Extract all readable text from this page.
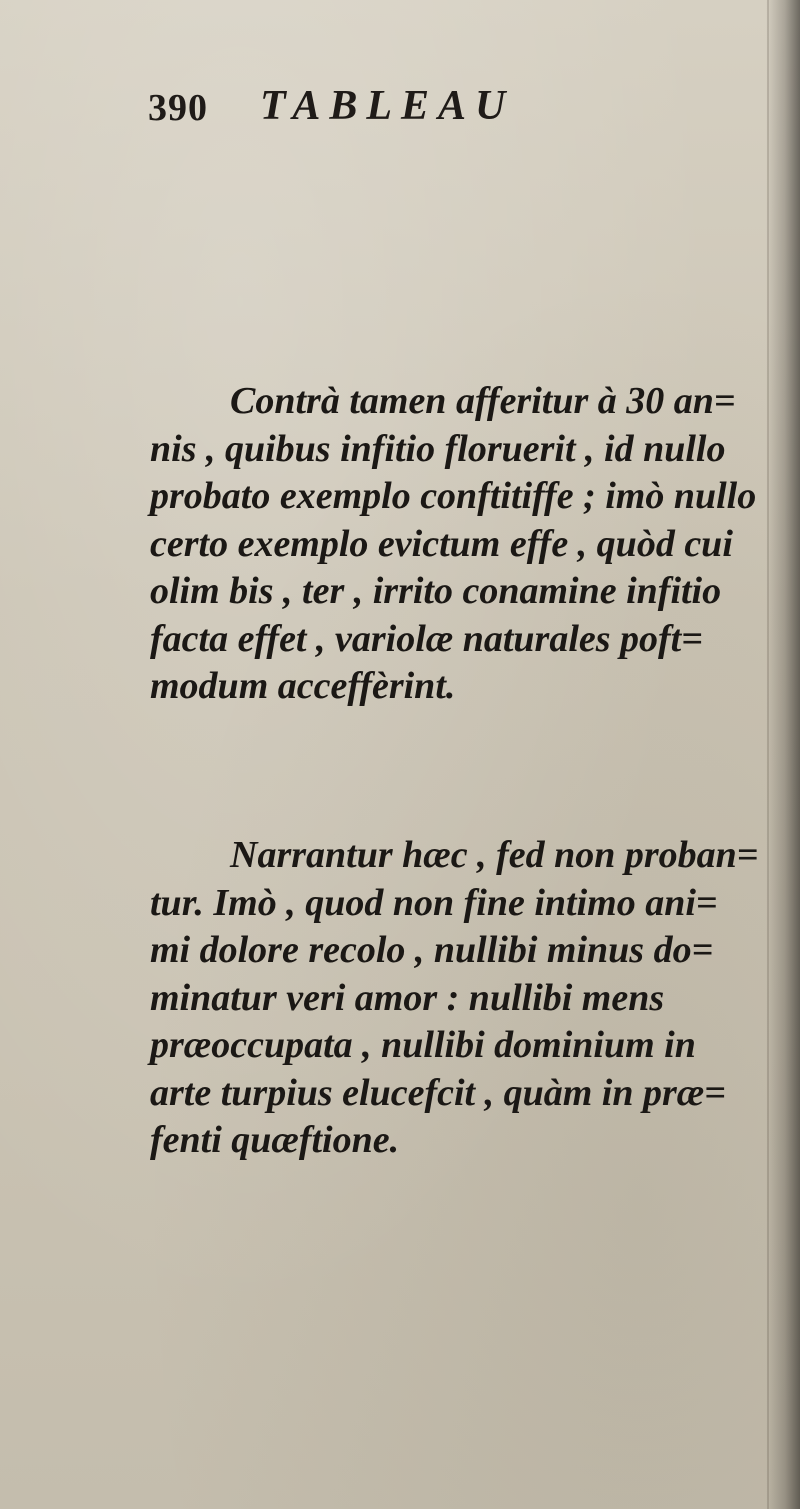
390 TABLEAU
Contrà tamen afferitur à 30 an=
nis , quibus infitio floruerit , id nullo
probato exemplo conftitiffe ; imò nullo
certo exemplo evictum effe , quòd cui
olim bis , ter , irrito conamine infitio
facta effet , variolæ naturales poft=
modum acceffèrint.
Narrantur hæc , fed non proban=
tur. Imò , quod non fine intimo ani=
mi dolore recolo , nullibi minus do=
minatur veri amor : nullibi mens
præoccupata , nullibi dominium in
arte turpius elucefcit , quàm in præ=
fenti quæftione.
